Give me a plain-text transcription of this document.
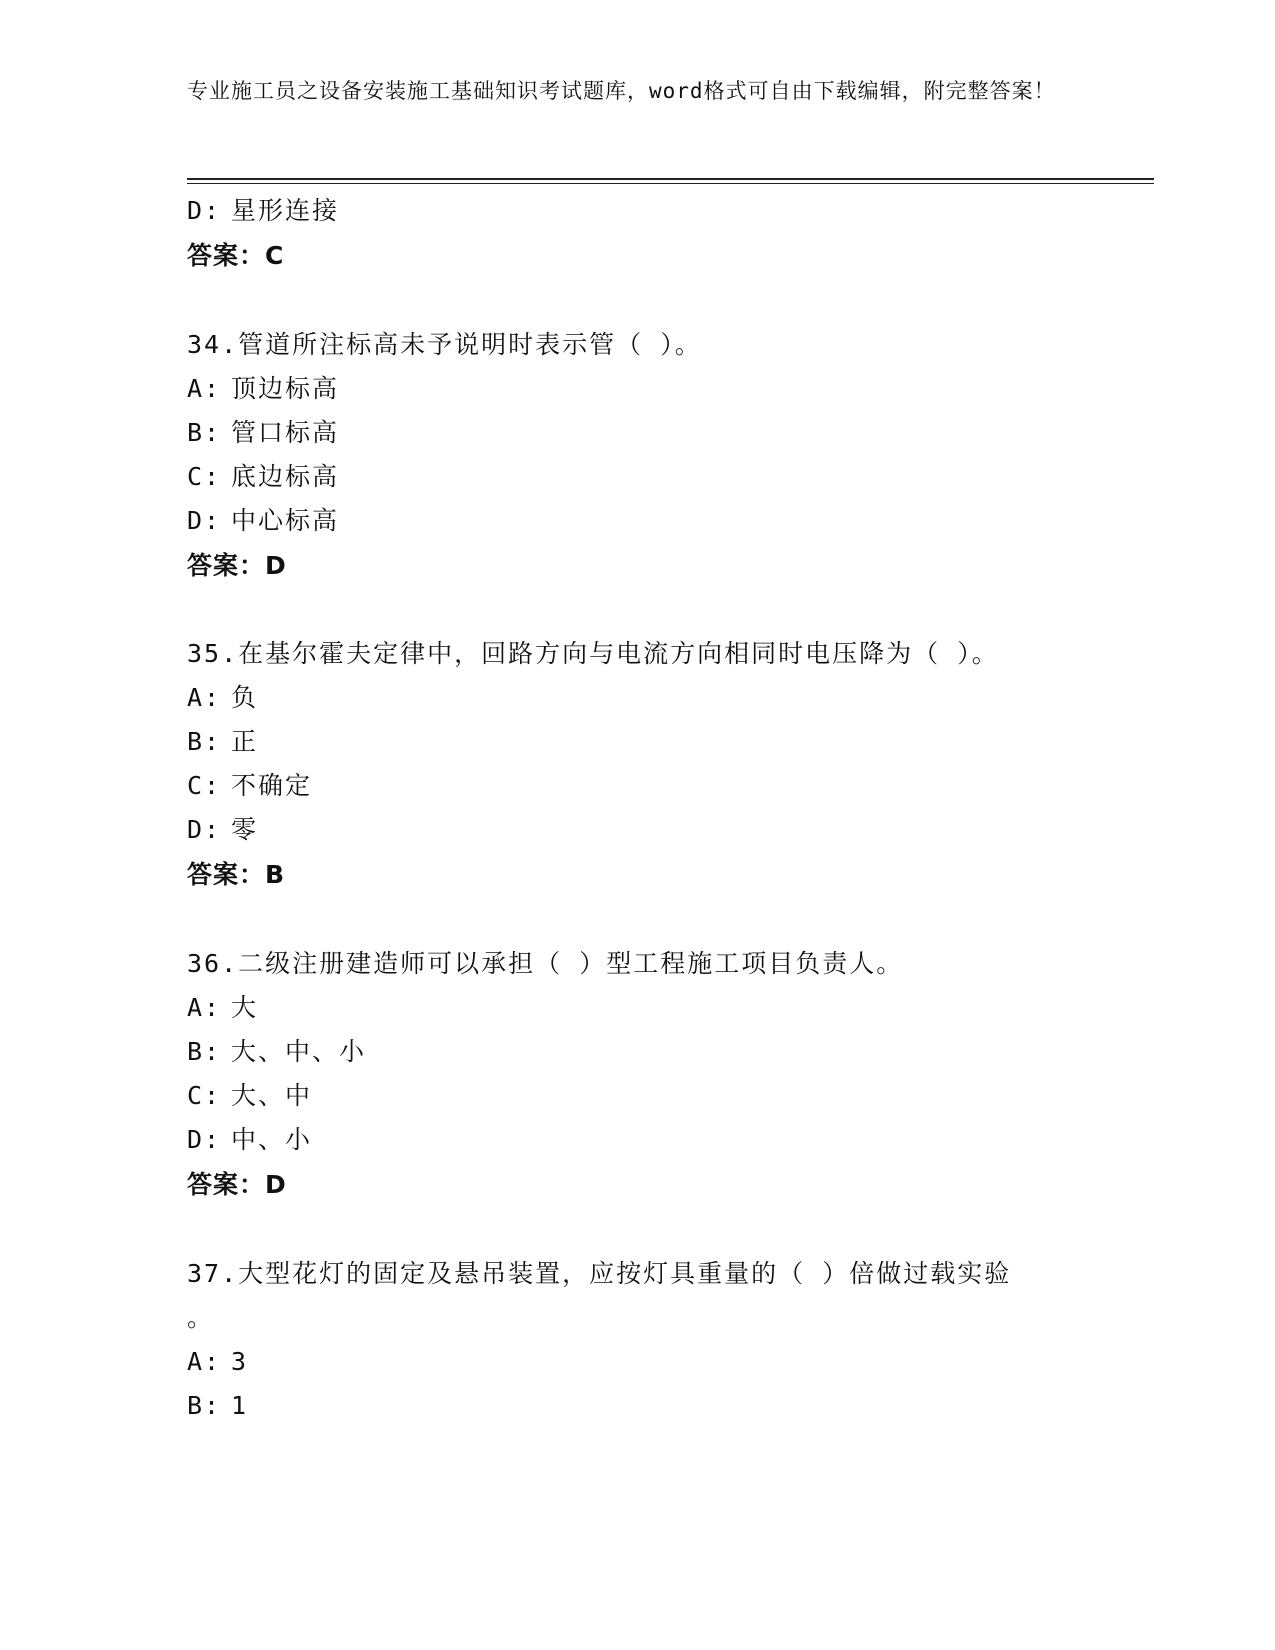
专业施工员之设备安装施工基础知识考试题库，word格式可自由下载编辑，附完整答案！
D: 星形连接
答案：C
34.管道所注标高未予说明时表示管（ ）。
A: 顶边标高
B: 管口标高
C: 底边标高
D: 中心标高
答案：D
35.在基尔霍夫定律中，回路方向与电流方向相同时电压降为（ ）。
A: 负
B: 正
C: 不确定
D: 零
答案：B
36.二级注册建造师可以承担（ ）型工程施工项目负责人。
A: 大
B: 大、中、小
C: 大、中
D: 中、小
答案：D
37.大型花灯的固定及悬吊装置，应按灯具重量的（ ）倍做过载实验
。
A: 3
B: 1
